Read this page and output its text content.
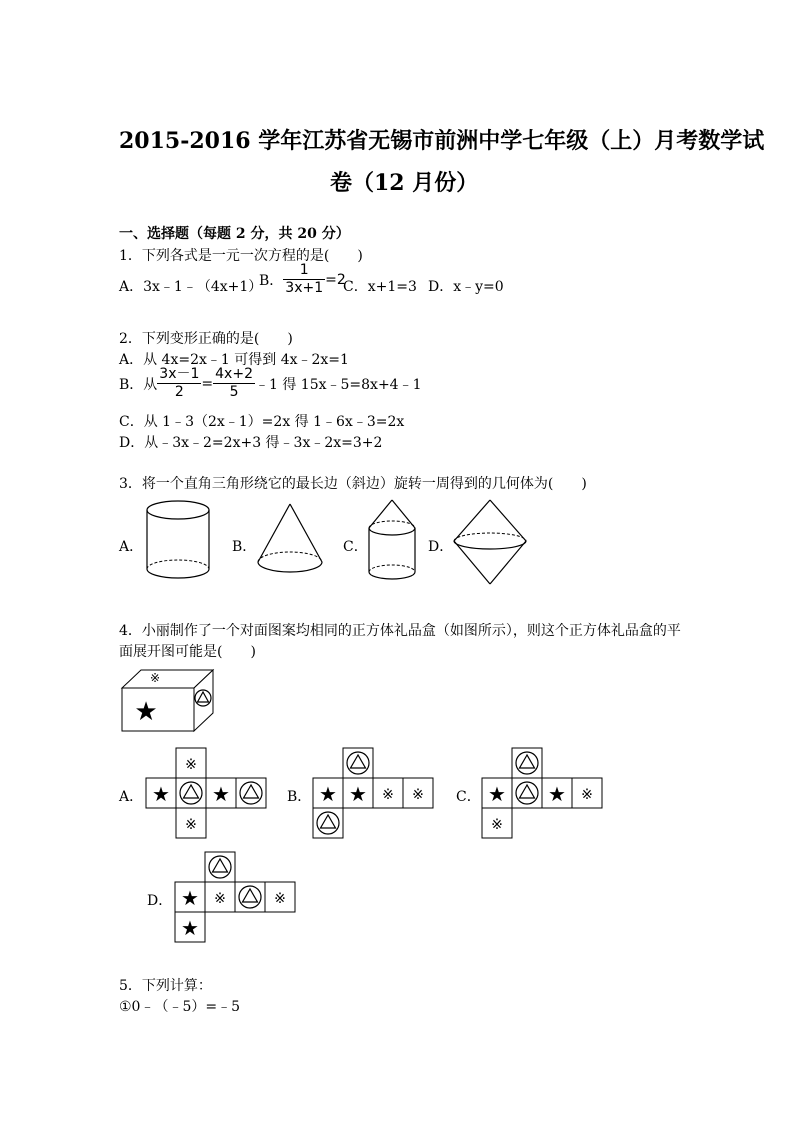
2015-2016 学年江苏省无锡市前洲中学七年级（上）月考数学试
卷（12 月份）
一、选择题（每题 2 分，共 20 分）
1．下列各式是一元一次方程的是(　　)
A．3x﹣1﹣（4x+1）
B． $\frac{1}{3x+1} =2$
C．x+1=3 D．x﹣y=0
2．下列变形正确的是(　　)
A．从 4x=2x﹣1 可得到 4x﹣2x=1
B．从 $\frac{3x-1}{2} = \frac{4x+2}{5}$ ﹣1 得 15x﹣5=8x+4﹣1
C．从 1﹣3（2x﹣1）=2x 得 1﹣6x﹣3=2x
D．从﹣3x﹣2=2x+3 得﹣3x﹣2x=3+2
3．将一个直角三角形绕它的最长边（斜边）旋转一周得到的几何体为(　　)
A．	B．	C．	D．
4．小丽制作了一个对面图案均相同的正方体礼品盒（如图所示），则这个正方体礼品盒的平
面展开图可能是(　　)
※
★
※
★ ★
※
A．	★ ★ ※ ※
B．	★ ★ ※
※
C．
★ ※	※
★
D．
5．下列计算：
①0﹣（﹣5）=﹣5
